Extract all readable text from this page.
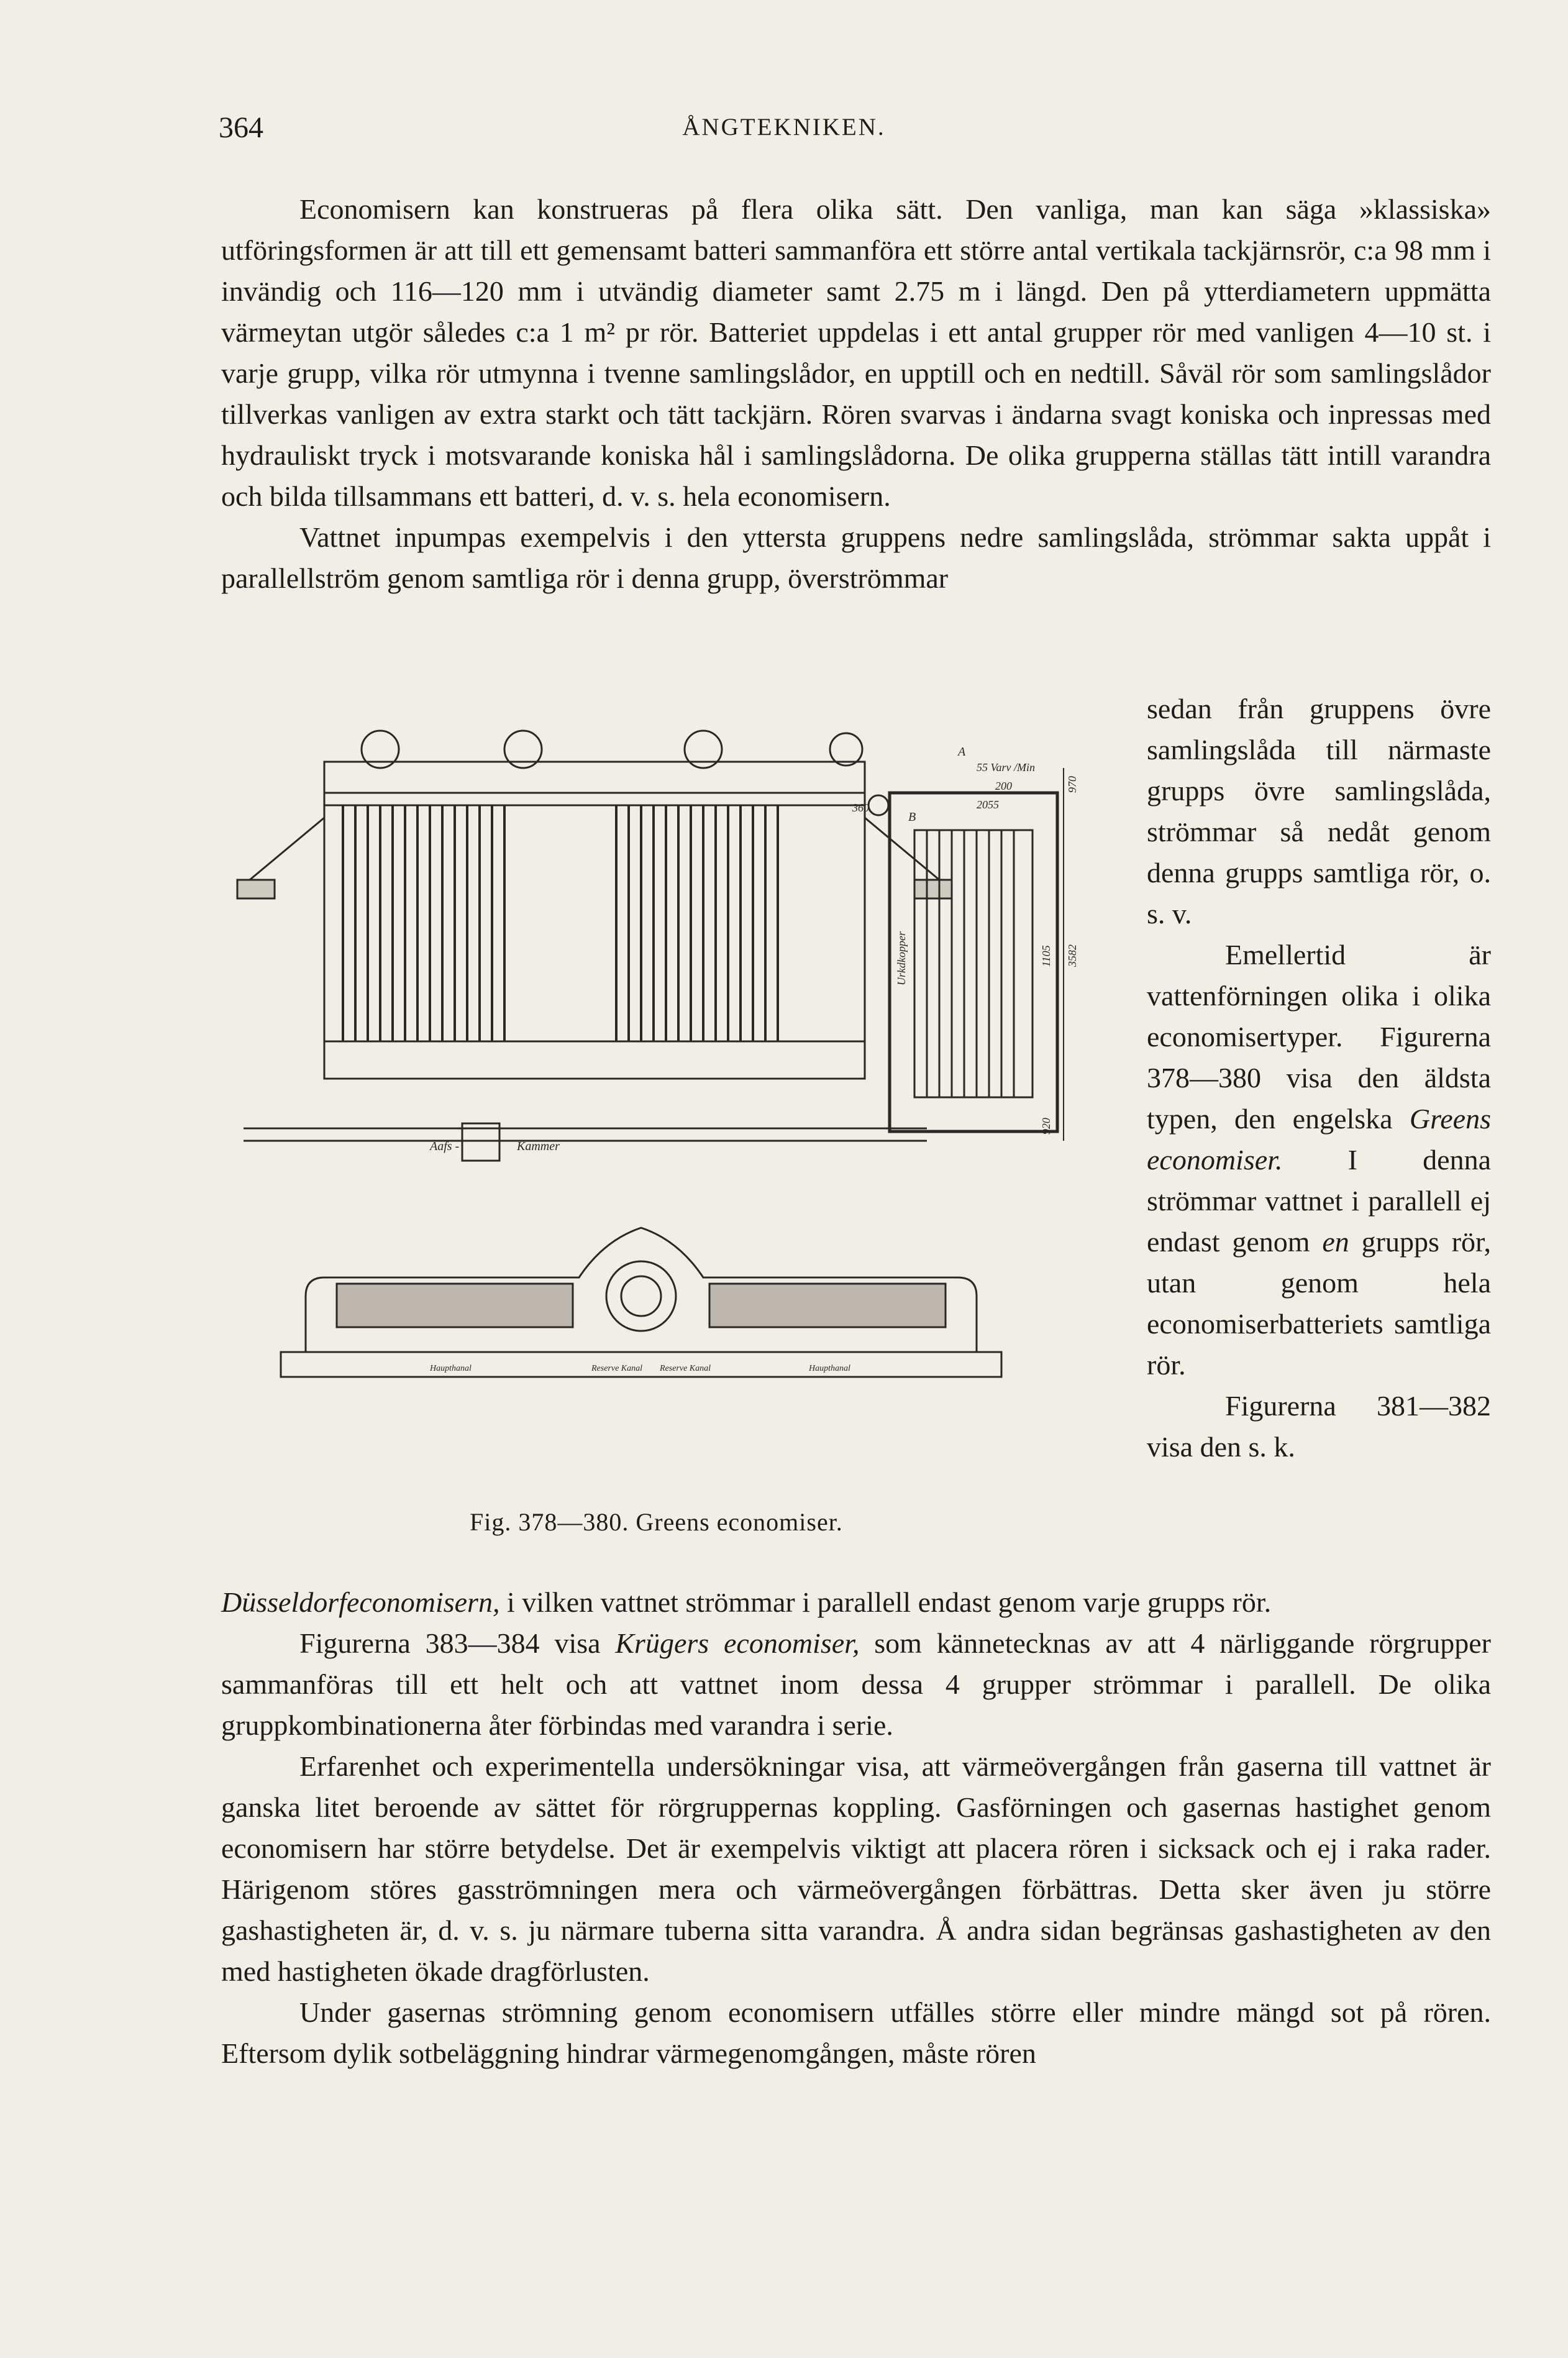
364	ÅNGTEKNIKEN.

Economisern kan konstrueras på flera olika sätt. Den vanliga, man kan säga »klassiska» utföringsformen är att till ett gemensamt batteri sammanföra ett större antal vertikala tackjärnsrör, c:a 98 mm i invändig och 116—120 mm i utvändig diameter samt 2.75 m i längd. Den på ytterdiametern uppmätta värmeytan utgör således c:a 1 m² pr rör. Batteriet uppdelas i ett antal grupper rör med vanligen 4—10 st. i varje grupp, vilka rör utmynna i tvenne samlingslådor, en upptill och en nedtill. Såväl rör som samlingslådor tillverkas vanligen av extra starkt och tätt tackjärn. Rören svarvas i ändarna svagt koniska och inpressas med hydrauliskt tryck i motsvarande koniska hål i samlingslådorna. De olika grupperna ställas tätt intill varandra och bilda tillsammans ett batteri, d. v. s. hela economisern.

Vattnet inpumpas exempelvis i den yttersta gruppens nedre samlingslåda, strömmar sakta uppåt i parallellström genom samtliga rör i denna grupp, överströmmar

sedan från gruppens övre samlingslåda till närmaste grupps övre samlingslåda, strömmar så nedåt genom denna grupps samtliga rör, o. s. v.

Emellertid är vattenförningen olika i olika economisertyper. Figurerna 378—380 visa den äldsta typen, den engelska Greens economiser. I denna strömmar vattnet i parallell ej endast genom en grupps rör, utan genom hela economiserbatteriets samtliga rör.

Figurerna 381—382 visa den s. k.

Aafs -	Kammer
A
55 Varv /Min
200
360	2055
B
Urkdkopper	1105 3582
970
920
Haupthanal	Reserve Kanal Reserve Kanal	Haupthanal
Fig. 378—380. Greens economiser.

Düsseldorfeconomisern, i vilken vattnet strömmar i parallell endast genom varje grupps rör.

Figurerna 383—384 visa Krügers economiser, som kännetecknas av att 4 närliggande rörgrupper sammanföras till ett helt och att vattnet inom dessa 4 grupper strömmar i parallell. De olika gruppkombinationerna åter förbindas med varandra i serie.

Erfarenhet och experimentella undersökningar visa, att värmeövergången från gaserna till vattnet är ganska litet beroende av sättet för rörgruppernas koppling. Gasförningen och gasernas hastighet genom economisern har större betydelse. Det är exempelvis viktigt att placera rören i sicksack och ej i raka rader. Härigenom störes gasströmningen mera och värmeövergången förbättras. Detta sker även ju större gashastigheten är, d. v. s. ju närmare tuberna sitta varandra. Å andra sidan begränsas gashastigheten av den med hastigheten ökade dragförlusten.

Under gasernas strömning genom economisern utfälles större eller mindre mängd sot på rören. Eftersom dylik sotbeläggning hindrar värmegenomgången, måste rören
